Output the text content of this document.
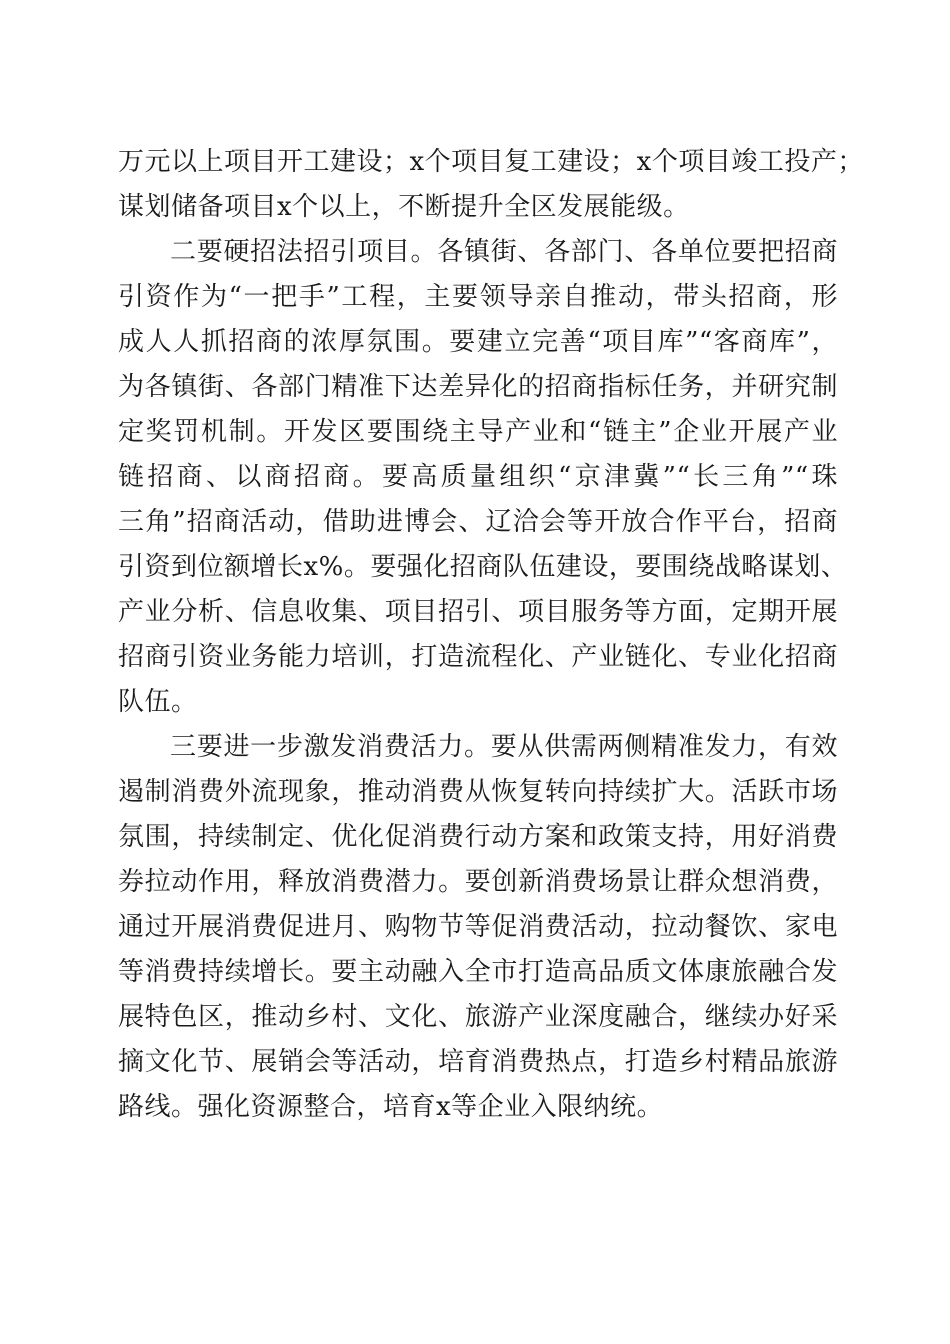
万元以上项目开工建设；x个项目复工建设；x个项目竣工投产；
谋划储备项目x个以上，不断提升全区发展能级。
二要硬招法招引项目。各镇街、各部门、各单位要把招商
引资作为“一把手”工程，主要领导亲自推动，带头招商，形
成人人抓招商的浓厚氛围。要建立完善“项目库”“客商库”，
为各镇街、各部门精准下达差异化的招商指标任务，并研究制
定奖罚机制。开发区要围绕主导产业和“链主”企业开展产业
链招商、以商招商。要高质量组织“京津冀”“长三角”“珠
三角”招商活动，借助进博会、辽洽会等开放合作平台，招商
引资到位额增长x%。要强化招商队伍建设，要围绕战略谋划、
产业分析、信息收集、项目招引、项目服务等方面，定期开展
招商引资业务能力培训，打造流程化、产业链化、专业化招商
队伍。
三要进一步激发消费活力。要从供需两侧精准发力，有效
遏制消费外流现象，推动消费从恢复转向持续扩大。活跃市场
氛围，持续制定、优化促消费行动方案和政策支持，用好消费
券拉动作用，释放消费潜力。要创新消费场景让群众想消费，
通过开展消费促进月、购物节等促消费活动，拉动餐饮、家电
等消费持续增长。要主动融入全市打造高品质文体康旅融合发
展特色区，推动乡村、文化、旅游产业深度融合，继续办好采
摘文化节、展销会等活动，培育消费热点，打造乡村精品旅游
路线。强化资源整合，培育x等企业入限纳统。
